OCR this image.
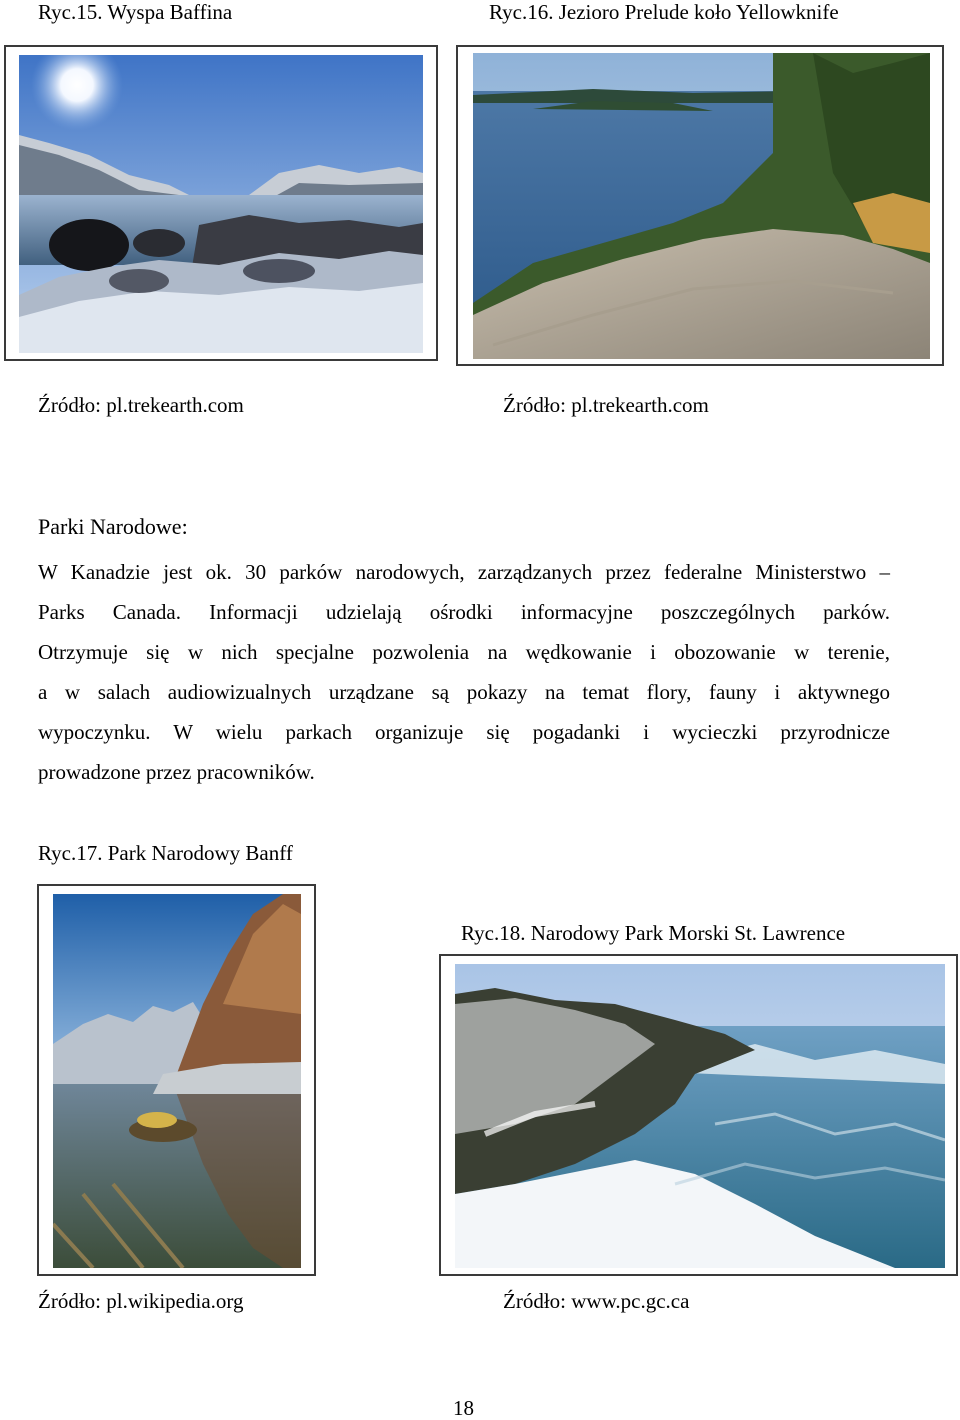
Ryc.15. Wyspa Baffina	Ryc.16. Jezioro Prelude koło Yellowknife
Źródło: pl.trekearth.com	Źródło: pl.trekearth.com
Parki Narodowe:
W Kanadzie jest ok. 30 parków narodowych, zarządzanych przez federalne Ministerstwo –
Parks Canada. Informacji udzielają ośrodki informacyjne poszczególnych parków.
Otrzymuje się w nich specjalne pozwolenia na wędkowanie i obozowanie w terenie,
a w salach audiowizualnych urządzane są pokazy na temat flory, fauny i aktywnego
wypoczynku. W wielu parkach organizuje się pogadanki i wycieczki przyrodnicze
prowadzone przez pracowników.
Ryc.17. Park Narodowy Banff
Ryc.18. Narodowy Park Morski St. Lawrence
Źródło: pl.wikipedia.org	Źródło: www.pc.gc.ca
18
